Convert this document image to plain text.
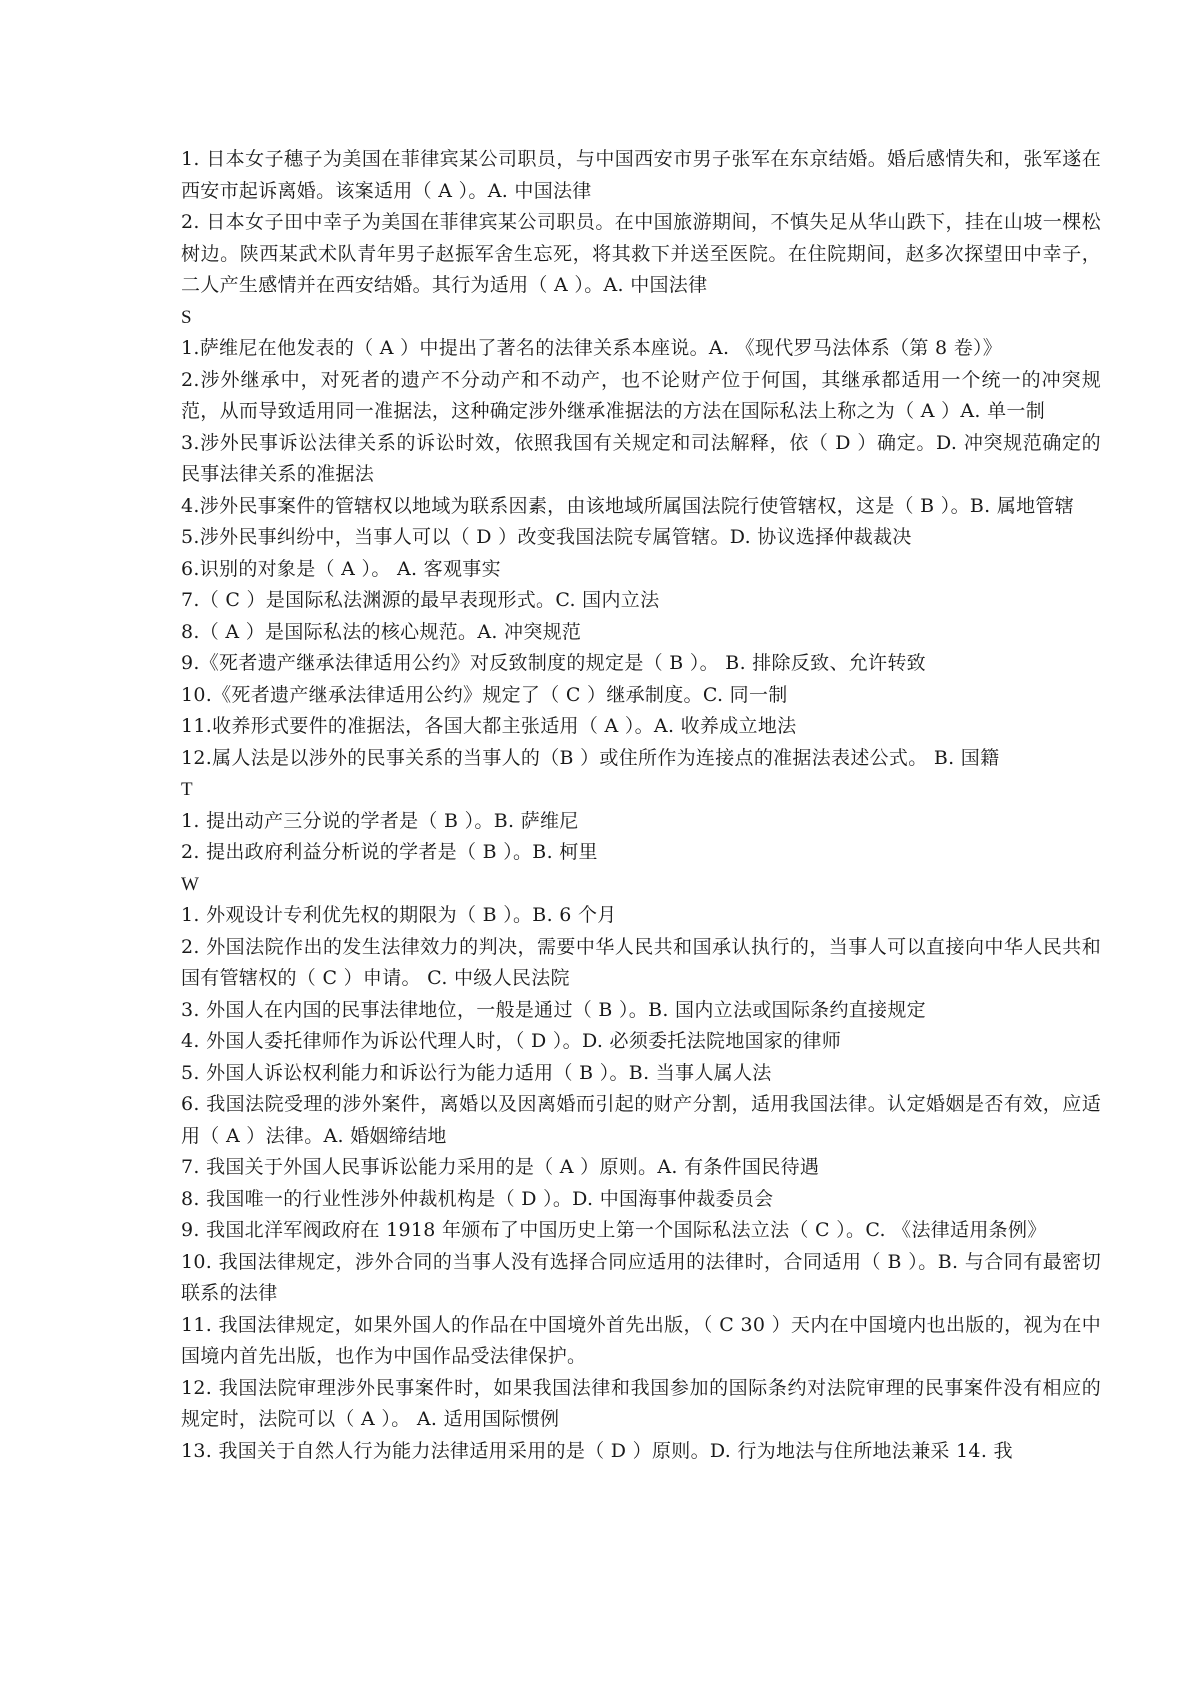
1. 日本女子穗子为美国在菲律宾某公司职员，与中国西安市男子张军在东京结婚。婚后感情失和，张军遂在西安市起诉离婚。该案适用（ A ）。A. 中国法律
2. 日本女子田中幸子为美国在菲律宾某公司职员。在中国旅游期间，不慎失足从华山跌下，挂在山坡一棵松树边。陕西某武术队青年男子赵振军舍生忘死，将其救下并送至医院。在住院期间，赵多次探望田中幸子，二人产生感情并在西安结婚。其行为适用（ A ）。A. 中国法律
S
1.萨维尼在他发表的（ A ）中提出了著名的法律关系本座说。A. 《现代罗马法体系（第 8 卷）》
2.涉外继承中，对死者的遗产不分动产和不动产，也不论财产位于何国，其继承都适用一个统一的冲突规范，从而导致适用同一准据法，这种确定涉外继承准据法的方法在国际私法上称之为（ A ）A. 单一制
3.涉外民事诉讼法律关系的诉讼时效，依照我国有关规定和司法解释，依（ D ）确定。D. 冲突规范确定的民事法律关系的准据法
4.涉外民事案件的管辖权以地域为联系因素，由该地域所属国法院行使管辖权，这是（ B ）。B. 属地管辖
5.涉外民事纠纷中，当事人可以（ D ）改变我国法院专属管辖。D. 协议选择仲裁裁决
6.识别的对象是（ A ）。 A. 客观事实
7.（ C ）是国际私法渊源的最早表现形式。C. 国内立法
8.（ A ）是国际私法的核心规范。A. 冲突规范
9.《死者遗产继承法律适用公约》对反致制度的规定是（ B ）。 B. 排除反致、允许转致
10.《死者遗产继承法律适用公约》规定了（ C ）继承制度。C. 同一制
11.收养形式要件的准据法，各国大都主张适用（ A ）。A. 收养成立地法
12.属人法是以涉外的民事关系的当事人的（B ）或住所作为连接点的准据法表述公式。 B. 国籍
T
1. 提出动产三分说的学者是（ B ）。B. 萨维尼
2. 提出政府利益分析说的学者是（ B ）。B. 柯里
W
1. 外观设计专利优先权的期限为（ B ）。B. 6 个月
2. 外国法院作出的发生法律效力的判决，需要中华人民共和国承认执行的，当事人可以直接向中华人民共和国有管辖权的（ C ）申请。 C. 中级人民法院
3. 外国人在内国的民事法律地位，一般是通过（ B ）。B. 国内立法或国际条约直接规定
4. 外国人委托律师作为诉讼代理人时，（ D ）。D. 必须委托法院地国家的律师
5. 外国人诉讼权利能力和诉讼行为能力适用（ B ）。B. 当事人属人法
6. 我国法院受理的涉外案件，离婚以及因离婚而引起的财产分割，适用我国法律。认定婚姻是否有效，应适用（ A ）法律。A. 婚姻缔结地
7. 我国关于外国人民事诉讼能力采用的是（ A ）原则。A. 有条件国民待遇
8. 我国唯一的行业性涉外仲裁机构是（ D ）。D. 中国海事仲裁委员会
9. 我国北洋军阀政府在 1918 年颁布了中国历史上第一个国际私法立法（ C ）。C. 《法律适用条例》
10. 我国法律规定，涉外合同的当事人没有选择合同应适用的法律时，合同适用（ B ）。B. 与合同有最密切联系的法律
11. 我国法律规定，如果外国人的作品在中国境外首先出版，（ C 30 ）天内在中国境内也出版的，视为在中国境内首先出版，也作为中国作品受法律保护。
12. 我国法院审理涉外民事案件时，如果我国法律和我国参加的国际条约对法院审理的民事案件没有相应的规定时，法院可以（ A ）。 A. 适用国际惯例
13. 我国关于自然人行为能力法律适用采用的是（ D ）原则。D. 行为地法与住所地法兼采 14. 我
